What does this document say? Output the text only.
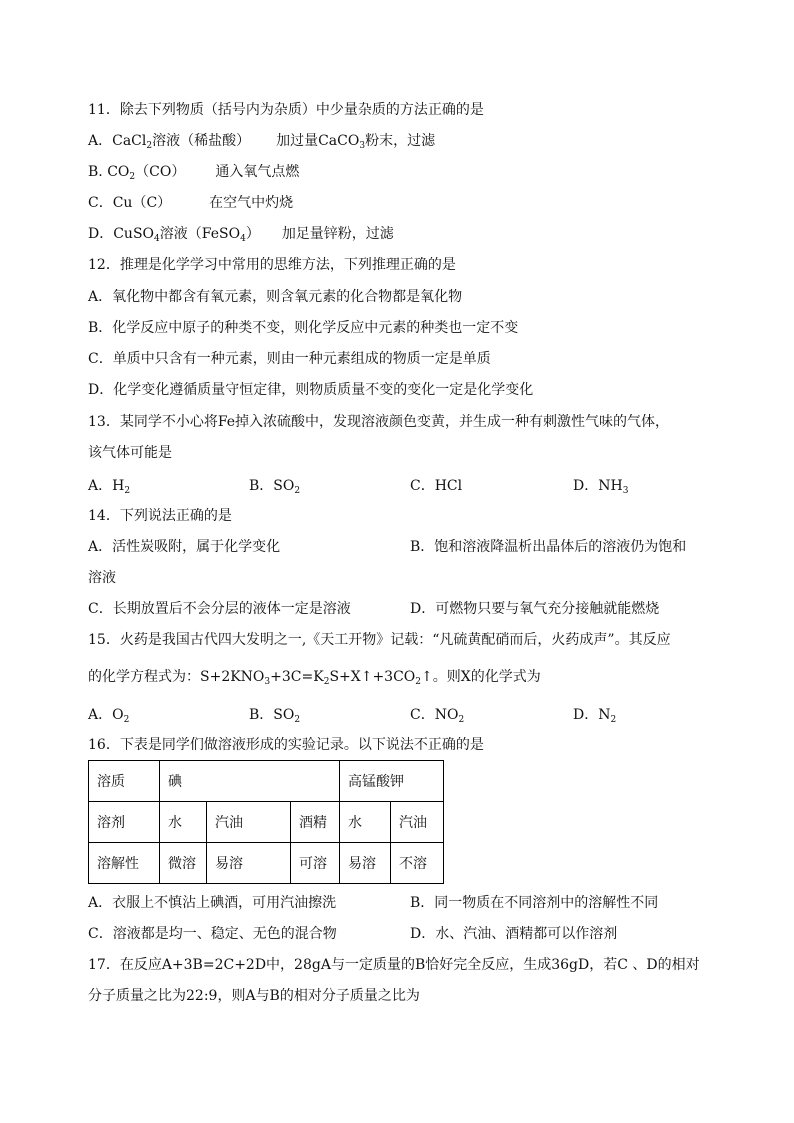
11．除去下列物质（括号内为杂质）中少量杂质的方法正确的是
A．CaCl$_2$溶液（稀盐酸） 加过量CaCO$_3$粉末，过滤
B. $CO_2(CO)$ 通入氧气点燃
C．Cu（C）	在空气中灼烧
D．CuSO$_4$溶液（FeSO$_4$） 加足量锌粉，过滤
12．推理是化学学习中常用的思维方法，下列推理正确的是
A．氧化物中都含有氧元素，则含氧元素的化合物都是氧化物
B．化学反应中原子的种类不变，则化学反应中元素的种类也一定不变
C．单质中只含有一种元素，则由一种元素组成的物质一定是单质
D．化学变化遵循质量守恒定律，则物质质量不变的变化一定是化学变化
13．某同学不小心将Fe掉入浓硫酸中，发现溶液颜色变黄，并生成一种有刺激性气味的气体，
该气体可能是
A．$H_2$	B．$SO_2$	C．HCl	D．$NH_3$
14．下列说法正确的是
A．活性炭吸附，属于化学变化	B．饱和溶液降温析出晶体后的溶液仍为饱和
溶液
C．长期放置后不会分层的液体一定是溶液	D．可燃物只要与氧气充分接触就能燃烧
15．火药是我国古代四大发明之一,《天工开物》记载：“凡硫黄配硝而后，火药成声”。其反应
的化学方程式为：$S+2KNO_3+3C=K_2S+X↑+3CO_2↑$。则X的化学式为
A．$O_2$	B．$SO_2$	C．$NO_2$	D．$N_2$
16．下表是同学们做溶液形成的实验记录。以下说法不正确的是
溶质	碘			高锰酸钾	
溶剂	水	汽油	酒精	水	汽油
溶解性	微溶	易溶	可溶	易溶	不溶
A．衣服上不慎沾上碘酒，可用汽油擦洗	B．同一物质在不同溶剂中的溶解性不同
C．溶液都是均一、稳定、无色的混合物	D．水、汽油、酒精都可以作溶剂
17．在反应A+3B=2C+2D中，28gA与一定质量的B恰好完全反应，生成36gD，若C 、D的相对
分子质量之比为22:9，则A与B的相对分子质量之比为
